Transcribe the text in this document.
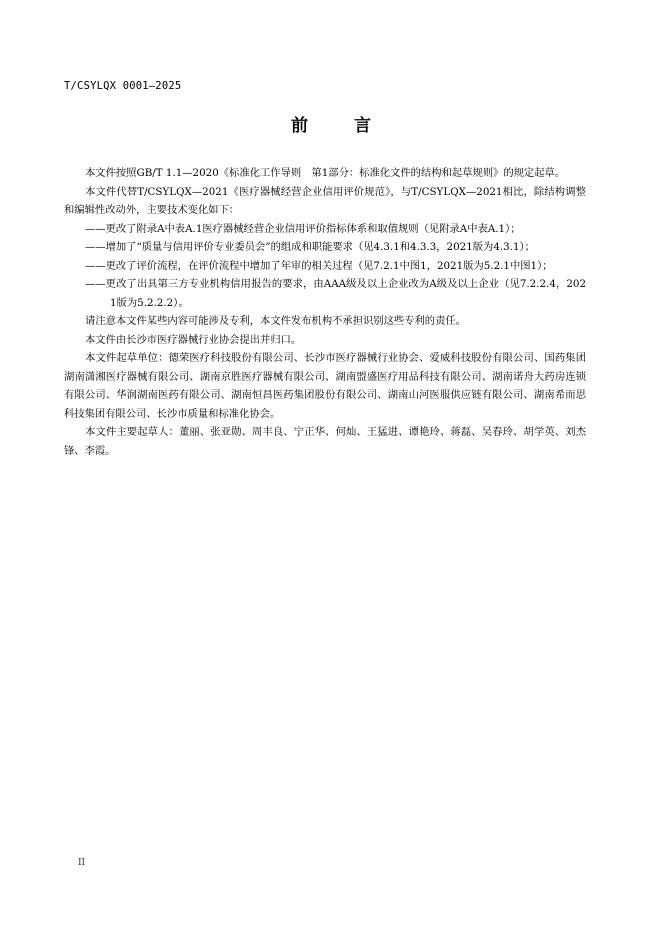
T/CSYLQX 0001—2025
前 言

本文件按照GB/T 1.1—2020《标准化工作导则　第1部分：标准化文件的结构和起草规则》的规定起草。

本文件代替T/CSYLQX—2021《医疗器械经营企业信用评价规范》，与T/CSYLQX—2021相比，除结构调整和编辑性改动外，主要技术变化如下：

——更改了附录A中表A.1医疗器械经营企业信用评价指标体系和取值规则（见附录A中表A.1）；

——增加了“质量与信用评价专业委员会”的组成和职能要求（见4.3.1和4.3.3，2021版为4.3.1）；

——更改了评价流程，在评价流程中增加了年审的相关过程（见7.2.1中图1，2021版为5.2.1中图1）；

——更改了出具第三方专业机构信用报告的要求，由AAA级及以上企业改为A级及以上企业（见7.2.2.4，2021版为5.2.2.2）。

请注意本文件某些内容可能涉及专利，本文件发布机构不承担识别这些专利的责任。

本文件由长沙市医疗器械行业协会提出并归口。

本文件起草单位：德荣医疗科技股份有限公司、长沙市医疗器械行业协会、爱威科技股份有限公司、国药集团湖南潇湘医疗器械有限公司、湖南京胜医疗器械有限公司、湖南盟盛医疗用品科技有限公司、湖南诺舟大药房连锁有限公司、华润湖南医药有限公司、湖南恒昌医药集团股份有限公司、湖南山河医服供应链有限公司、湖南希而思科技集团有限公司、长沙市质量和标准化协会。

本文件主要起草人：董丽、张亚勋、周丰良、宁正华、何灿、王猛进、谭艳玲、蒋磊、吴春玲、胡学英、刘杰锋、李霞。

II
